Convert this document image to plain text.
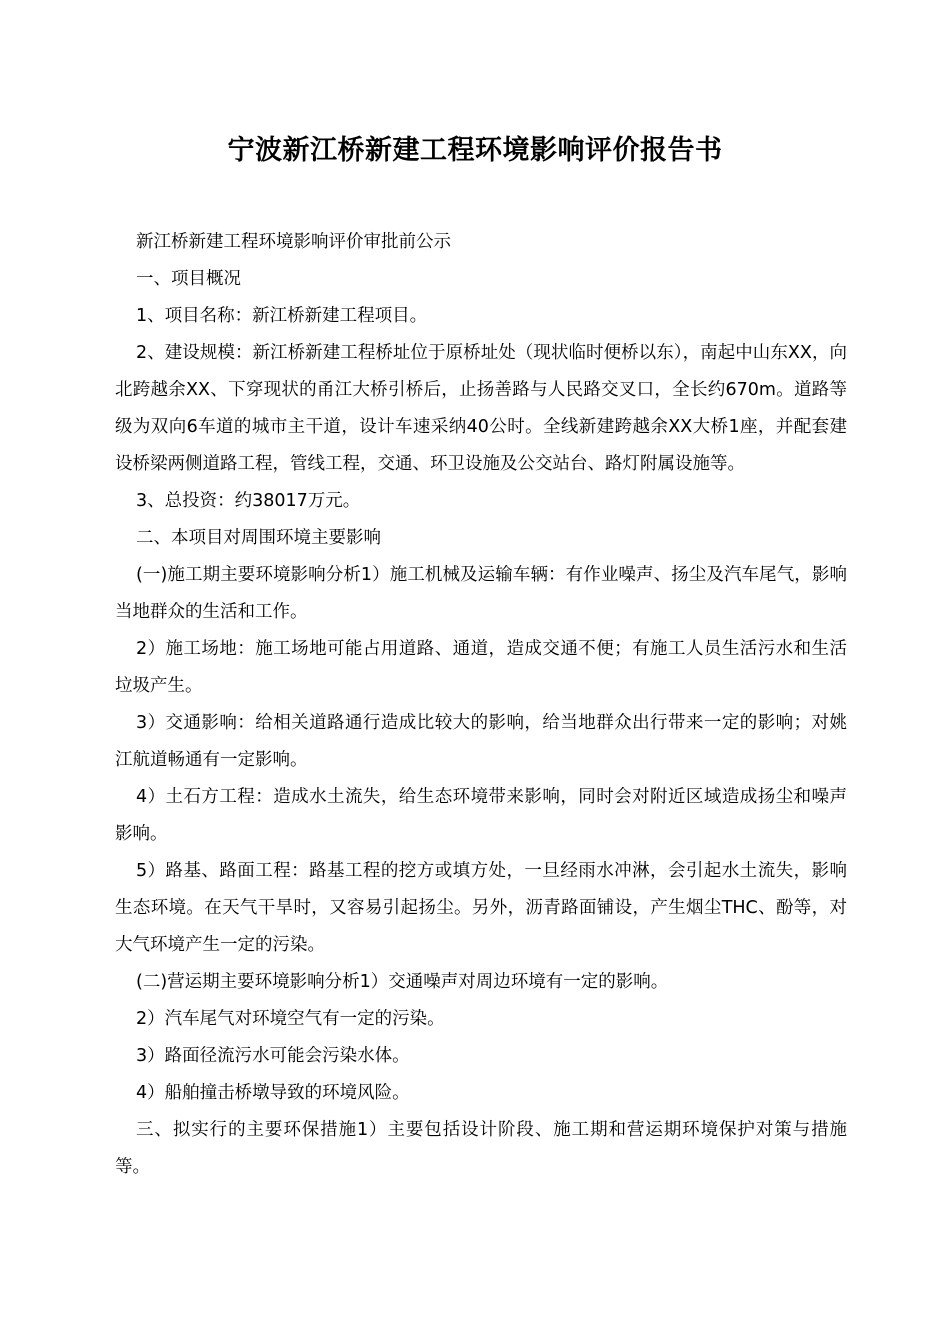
宁波新江桥新建工程环境影响评价报告书

新江桥新建工程环境影响评价审批前公示

一、项目概况

1、项目名称：新江桥新建工程项目。

2、建设规模：新江桥新建工程桥址位于原桥址处（现状临时便桥以东），南起中山东XX，向北跨越余XX、下穿现状的甬江大桥引桥后，止扬善路与人民路交叉口，全长约670m。道路等级为双向6车道的城市主干道，设计车速采纳40公时。全线新建跨越余XX大桥1座，并配套建设桥梁两侧道路工程，管线工程，交通、环卫设施及公交站台、路灯附属设施等。

3、总投资：约38017万元。

二、本项目对周围环境主要影响

(一)施工期主要环境影响分析1）施工机械及运输车辆：有作业噪声、扬尘及汽车尾气，影响当地群众的生活和工作。

2）施工场地：施工场地可能占用道路、通道，造成交通不便；有施工人员生活污水和生活垃圾产生。

3）交通影响：给相关道路通行造成比较大的影响，给当地群众出行带来一定的影响；对姚江航道畅通有一定影响。

4）土石方工程：造成水土流失，给生态环境带来影响，同时会对附近区域造成扬尘和噪声影响。

5）路基、路面工程：路基工程的挖方或填方处，一旦经雨水冲淋，会引起水土流失，影响生态环境。在天气干旱时，又容易引起扬尘。另外，沥青路面铺设，产生烟尘THC、酚等，对大气环境产生一定的污染。

(二)营运期主要环境影响分析1）交通噪声对周边环境有一定的影响。

2）汽车尾气对环境空气有一定的污染。

3）路面径流污水可能会污染水体。

4）船舶撞击桥墩导致的环境风险。

三、拟实行的主要环保措施1）主要包括设计阶段、施工期和营运期环境保护对策与措施等。
